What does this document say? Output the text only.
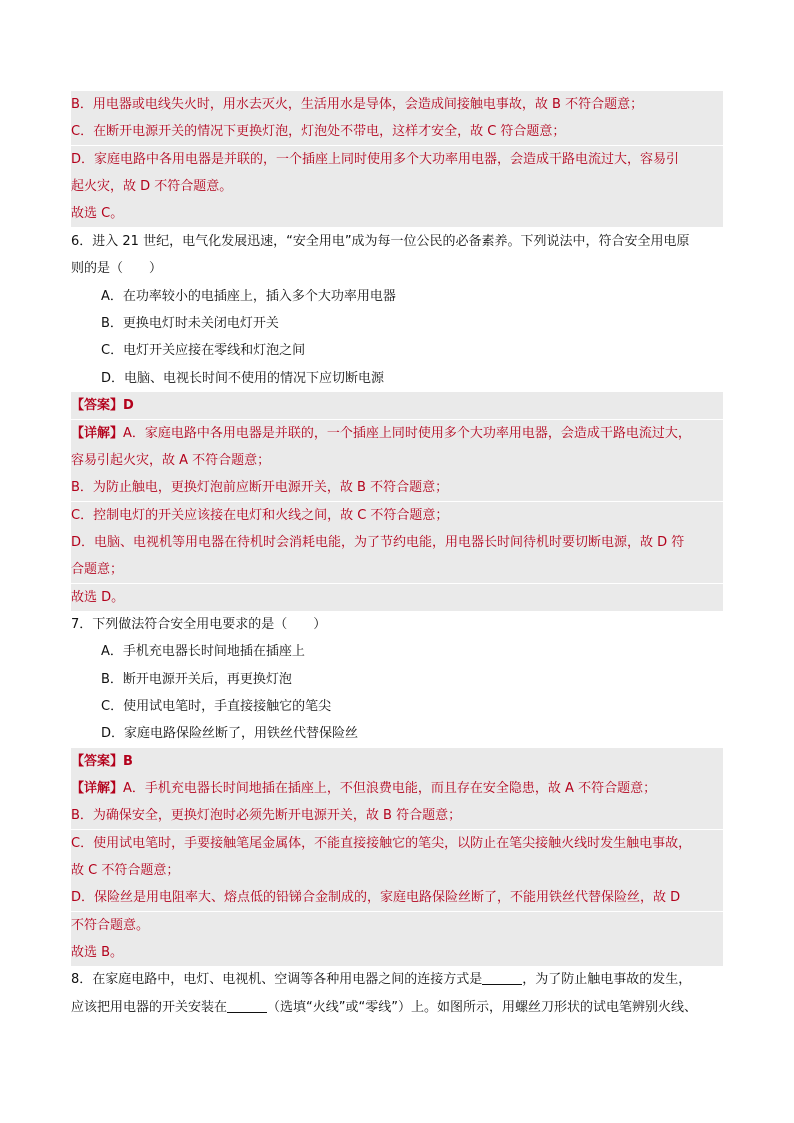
B．用电器或电线失火时，用水去灭火，生活用水是导体，会造成间接触电事故，故 B 不符合题意；
C．在断开电源开关的情况下更换灯泡，灯泡处不带电，这样才安全，故 C 符合题意；
D．家庭电路中各用电器是并联的，一个插座上同时使用多个大功率用电器，会造成干路电流过大，容易引
起火灾，故 D 不符合题意。
故选 C。
6．进入 21 世纪，电气化发展迅速，“安全用电”成为每一位公民的必备素养。下列说法中，符合安全用电原
则的是（　　）
A．在功率较小的电插座上，插入多个大功率用电器
B．更换电灯时未关闭电灯开关
C．电灯开关应接在零线和灯泡之间
D．电脑、电视长时间不使用的情况下应切断电源
【答案】D
【详解】A．家庭电路中各用电器是并联的，一个插座上同时使用多个大功率用电器，会造成干路电流过大，
容易引起火灾，故 A 不符合题意；
B．为防止触电，更换灯泡前应断开电源开关，故 B 不符合题意；
C．控制电灯的开关应该接在电灯和火线之间，故 C 不符合题意；
D．电脑、电视机等用电器在待机时会消耗电能，为了节约电能，用电器长时间待机时要切断电源，故 D 符
合题意；
故选 D。
7．下列做法符合安全用电要求的是（　　）
A．手机充电器长时间地插在插座上
B．断开电源开关后，再更换灯泡
C．使用试电笔时，手直接接触它的笔尖
D．家庭电路保险丝断了，用铁丝代替保险丝
【答案】B
【详解】A．手机充电器长时间地插在插座上，不但浪费电能，而且存在安全隐患，故 A 不符合题意；
B．为确保安全，更换灯泡时必须先断开电源开关，故 B 符合题意；
C．使用试电笔时，手要接触笔尾金属体，不能直接接触它的笔尖，以防止在笔尖接触火线时发生触电事故，
故 C 不符合题意；
D．保险丝是用电阻率大、熔点低的铅锑合金制成的，家庭电路保险丝断了，不能用铁丝代替保险丝，故 D
不符合题意。
故选 B。
8．在家庭电路中，电灯、电视机、空调等各种用电器之间的连接方式是	，为了防止触电事故的发生，
应该把用电器的开关安装在	（选填“火线”或“零线”）上。如图所示，用螺丝刀形状的试电笔辨别火线、
